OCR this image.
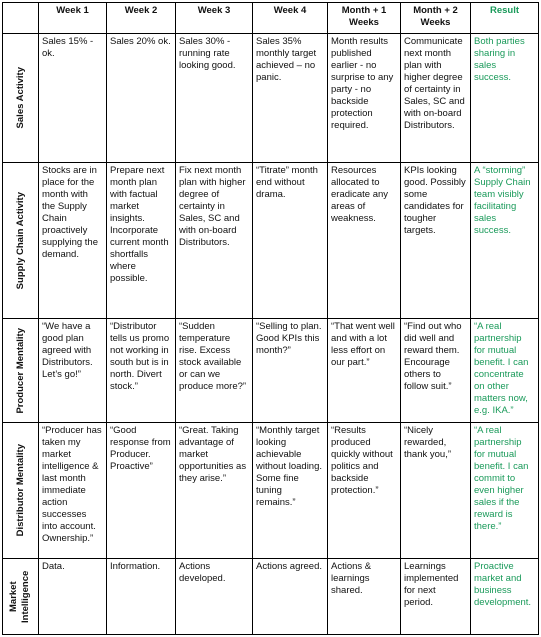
	Week 1	Week 2	Week 3	Week 4	Month + 1 Weeks	Month + 2 Weeks	Result

Sales Activity	Sales 15% - ok.	Sales 20% ok.	Sales 30% - running rate looking good.	Sales 35% monthly target achieved – no panic.	Month results published earlier - no surprise to any party - no backside protection required.	Communicate next month plan with higher degree of certainty in Sales, SC and with on-board Distributors.	Both parties sharing in sales success.

Supply Chain Activity	Stocks are in place for the month with the Supply Chain proactively supplying the demand.	Prepare next month plan with factual market insights. Incorporate current month shortfalls where possible.	Fix next month plan with higher degree of certainty in Sales, SC and with on-board Distributors.	“Titrate” month end without drama.	Resources allocated to eradicate any areas of weakness.	KPIs looking good. Possibly some candidates for tougher targets.	A “storming” Supply Chain team visibly facilitating sales success.

Producer Mentality	“We have a good plan agreed with Distributors. Let’s go!”	“Distributor tells us promo not working in south but is in north. Divert stock.”	“Sudden temperature rise. Excess stock available or can we produce more?”	“Selling to plan. Good KPIs this month?”	“That went well and with a lot less effort on our part.”	“Find out who did well and reward them. Encourage others to follow suit.”	“A real partnership for mutual benefit. I can concentrate on other matters now, e.g. IKA.”

Distributor Mentality	“Producer has taken my market intelligence & last month immediate action successes into account. Ownership.”	“Good response from Producer. Proactive”	“Great. Taking advantage of market opportunities as they arise.”	“Monthly target looking achievable without loading. Some fine tuning remains.”	“Results produced quickly without politics and backside protection.”	“Nicely rewarded, thank you,”	“A real partnership for mutual benefit. I can commit to even higher sales if the reward is there.”

Market Intelligence	Data.	Information.	Actions developed.	Actions agreed.	Actions & learnings shared.	Learnings implemented for next period.	Proactive market and business development.
